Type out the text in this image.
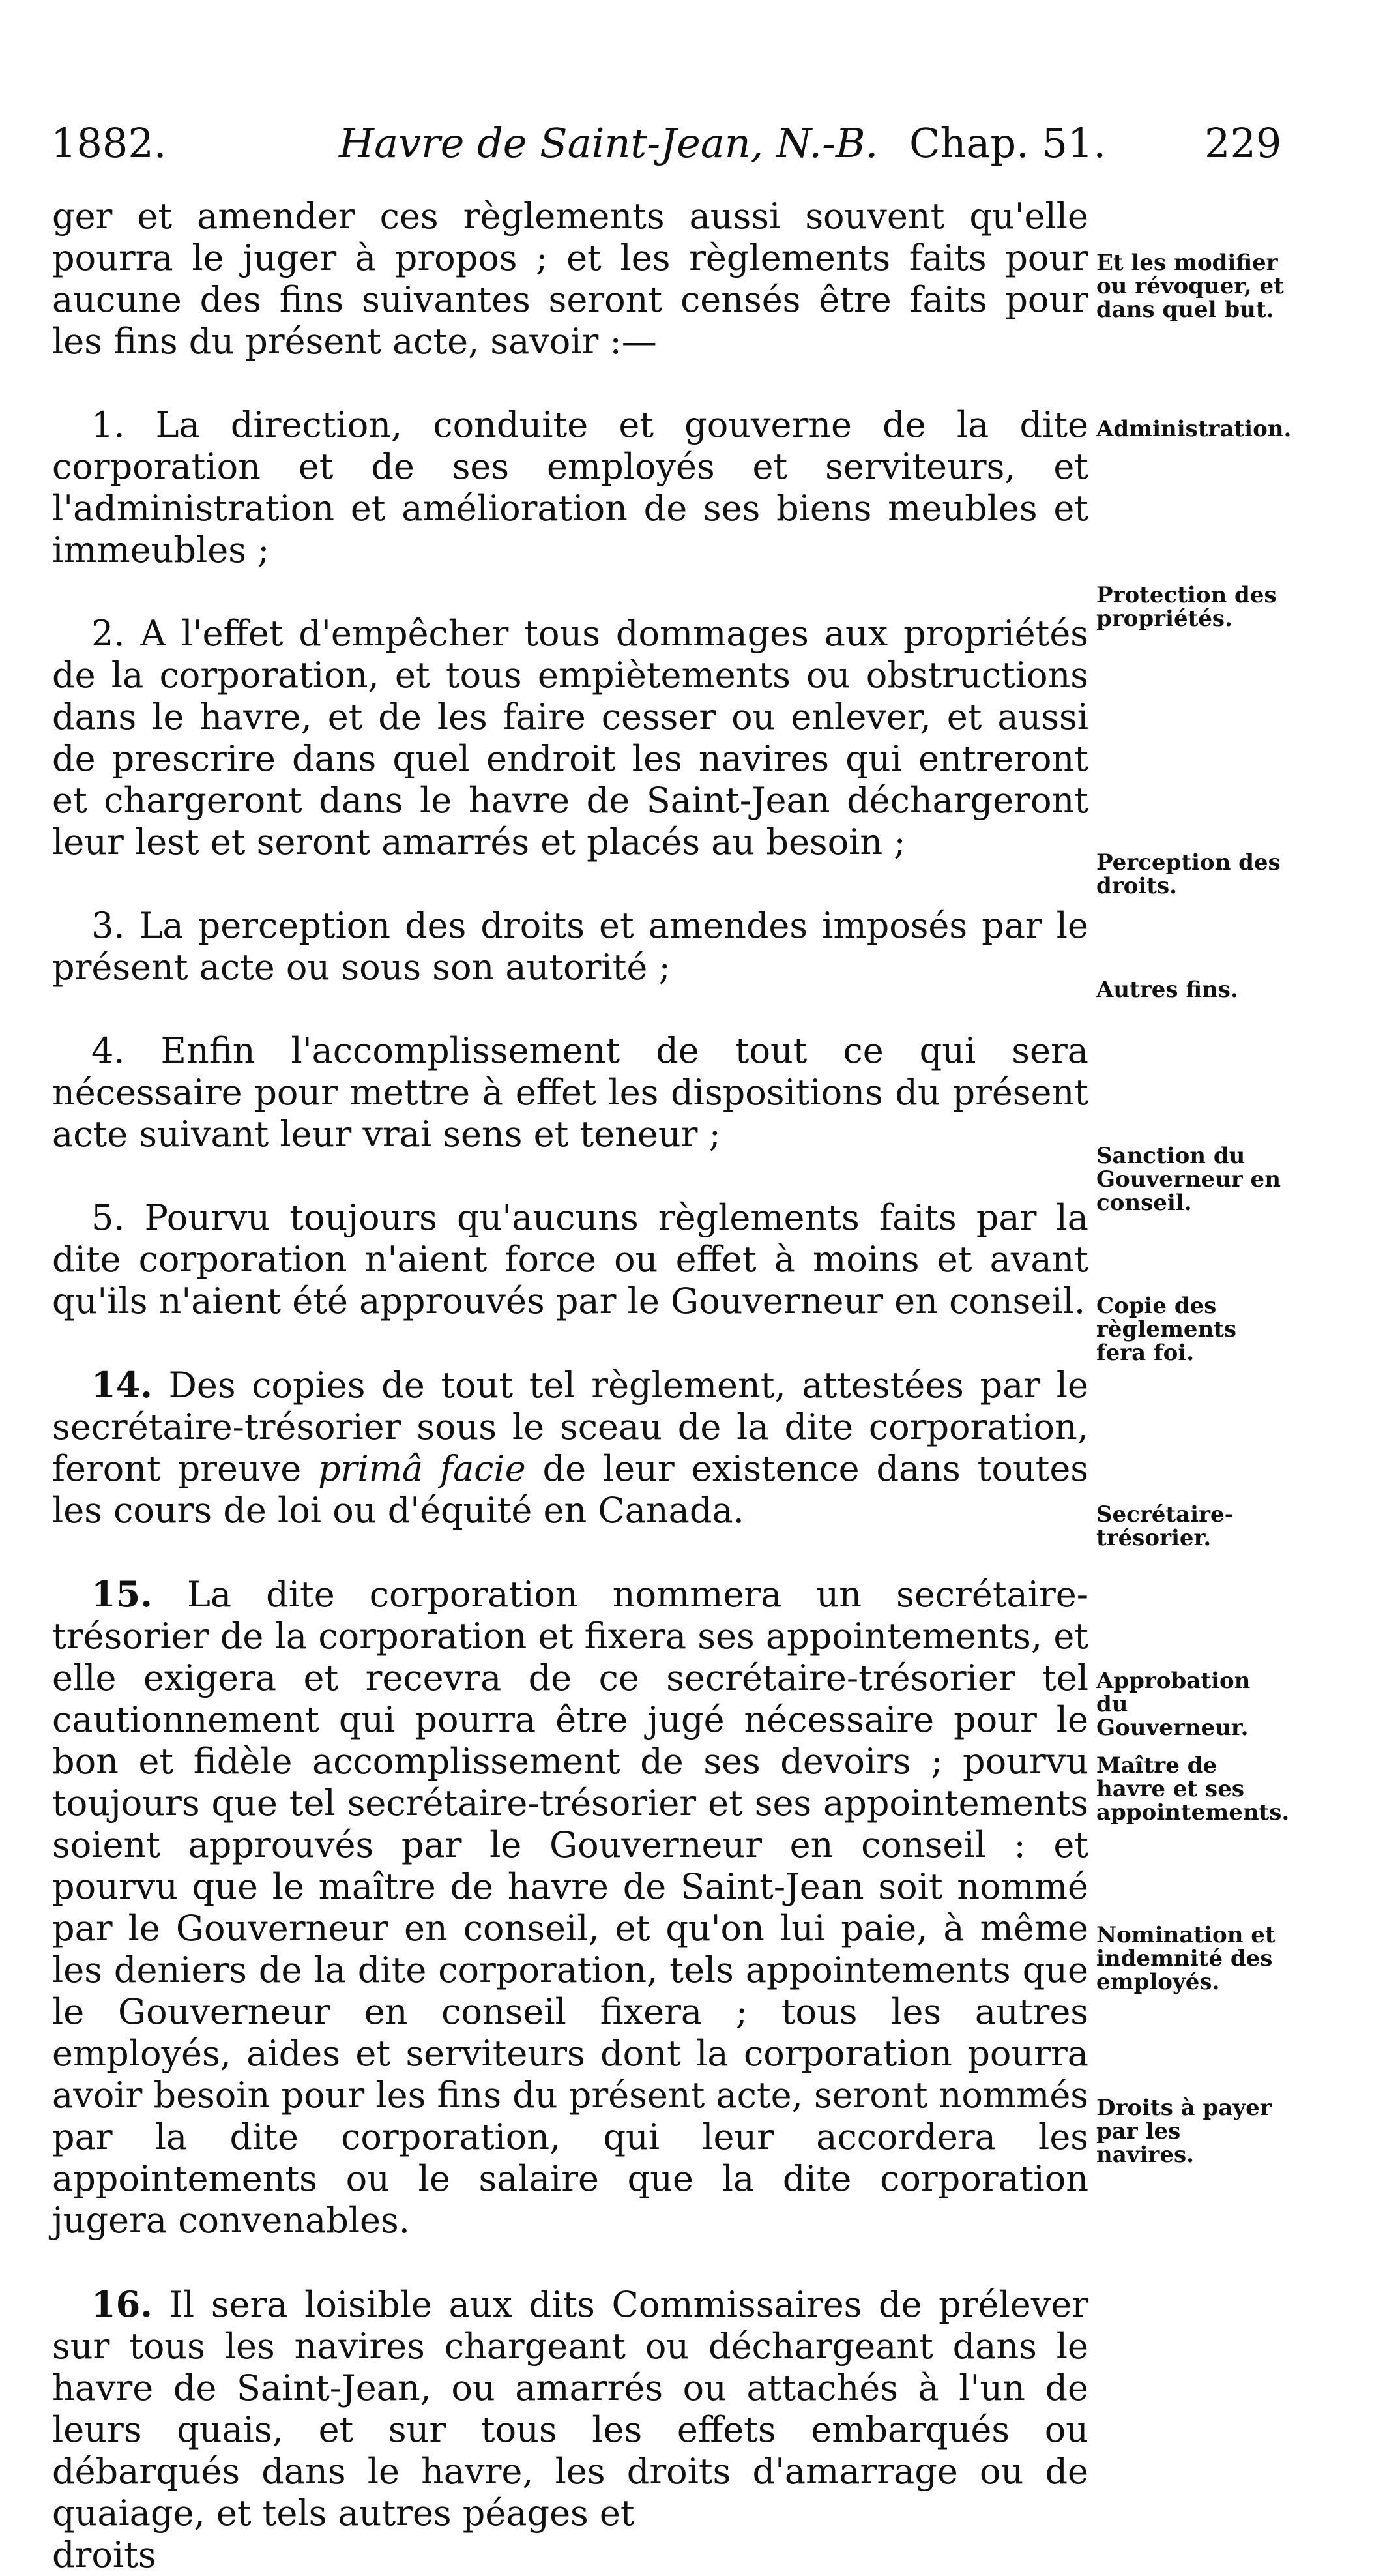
1882.	Havre de Saint-Jean, N.-B. Chap. 51. 229

ger et amender ces règlements aussi souvent qu'elle pourra le juger à propos ; et les règlements faits pour aucune des fins suivantes seront censés être faits pour les fins du présent acte, savoir :—

1. La direction, conduite et gouverne de la dite corporation et de ses employés et serviteurs, et l'administration et amélioration de ses biens meubles et immeubles ;

2. A l'effet d'empêcher tous dommages aux propriétés de la corporation, et tous empiètements ou obstructions dans le havre, et de les faire cesser ou enlever, et aussi de prescrire dans quel endroit les navires qui entreront et chargeront dans le havre de Saint-Jean déchargeront leur lest et seront amarrés et placés au besoin ;

3. La perception des droits et amendes imposés par le présent acte ou sous son autorité ;

4. Enfin l'accomplissement de tout ce qui sera nécessaire pour mettre à effet les dispositions du présent acte suivant leur vrai sens et teneur ;

5. Pourvu toujours qu'aucuns règlements faits par la dite corporation n'aient force ou effet à moins et avant qu'ils n'aient été approuvés par le Gouverneur en conseil.

14. Des copies de tout tel règlement, attestées par le secrétaire-trésorier sous le sceau de la dite corporation, feront preuve primâ facie de leur existence dans toutes les cours de loi ou d'équité en Canada.

15. La dite corporation nommera un secrétaire-trésorier de la corporation et fixera ses appointements, et elle exigera et recevra de ce secrétaire-trésorier tel cautionnement qui pourra être jugé nécessaire pour le bon et fidèle accomplissement de ses devoirs ; pourvu toujours que tel secrétaire-trésorier et ses appointements soient approuvés par le Gouverneur en conseil : et pourvu que le maître de havre de Saint-Jean soit nommé par le Gouverneur en conseil, et qu'on lui paie, à même les deniers de la dite corporation, tels appointements que le Gouverneur en conseil fixera ; tous les autres employés, aides et serviteurs dont la corporation pourra avoir besoin pour les fins du présent acte, seront nommés par la dite corporation, qui leur accordera les appointements ou le salaire que la dite corporation jugera convenables.

16. Il sera loisible aux dits Commissaires de prélever sur tous les navires chargeant ou déchargeant dans le havre de Saint-Jean, ou amarrés ou attachés à l'un de leurs quais, et sur tous les effets embarqués ou débarqués dans le havre, les droits d'amarrage ou de quaiage, et tels autres péages et

droits

Et les modifier ou révoquer, et dans quel but.
Administration.
Protection des propriétés.
Perception des droits.
Autres fins.
Sanction du Gouverneur en conseil.
Copie des règlements fera foi.
Secrétaire-trésorier.
Approbation du Gouverneur.
Maître de havre et ses appointements.
Nomination et indemnité des employés.
Droits à payer par les navires.
